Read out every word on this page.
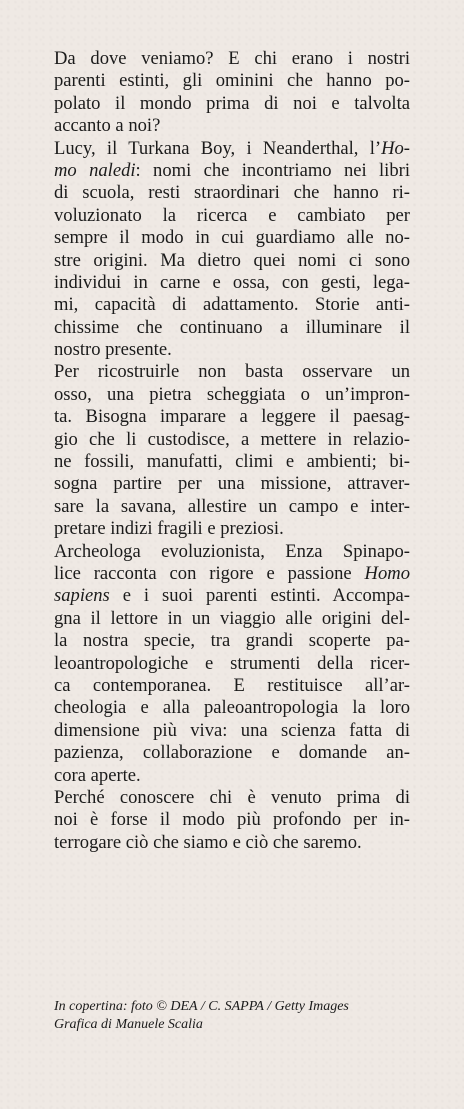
Da dove veniamo? E chi erano i nostri
parenti estinti, gli ominini che hanno po-
polato il mondo prima di noi e talvolta
accanto a noi?
Lucy, il Turkana Boy, i Neanderthal, l’Ho-
mo naledi: nomi che incontriamo nei libri
di scuola, resti straordinari che hanno ri-
voluzionato la ricerca e cambiato per
sempre il modo in cui guardiamo alle no-
stre origini. Ma dietro quei nomi ci sono
individui in carne e ossa, con gesti, lega-
mi, capacità di adattamento. Storie anti-
chissime che continuano a illuminare il
nostro presente.
Per ricostruirle non basta osservare un
osso, una pietra scheggiata o un’impron-
ta. Bisogna imparare a leggere il paesag-
gio che li custodisce, a mettere in relazio-
ne fossili, manufatti, climi e ambienti; bi-
sogna partire per una missione, attraver-
sare la savana, allestire un campo e inter-
pretare indizi fragili e preziosi.
Archeologa evoluzionista, Enza Spinapo-
lice racconta con rigore e passione Homo
sapiens e i suoi parenti estinti. Accompa-
gna il lettore in un viaggio alle origini del-
la nostra specie, tra grandi scoperte pa-
leoantropologiche e strumenti della ricer-
ca contemporanea. E restituisce all’ar-
cheologia e alla paleoantropologia la loro
dimensione più viva: una scienza fatta di
pazienza, collaborazione e domande an-
cora aperte.
Perché conoscere chi è venuto prima di
noi è forse il modo più profondo per in-
terrogare ciò che siamo e ciò che saremo.
In copertina: foto © DEA / C. SAPPA / Getty Images
Grafica di Manuele Scalia
